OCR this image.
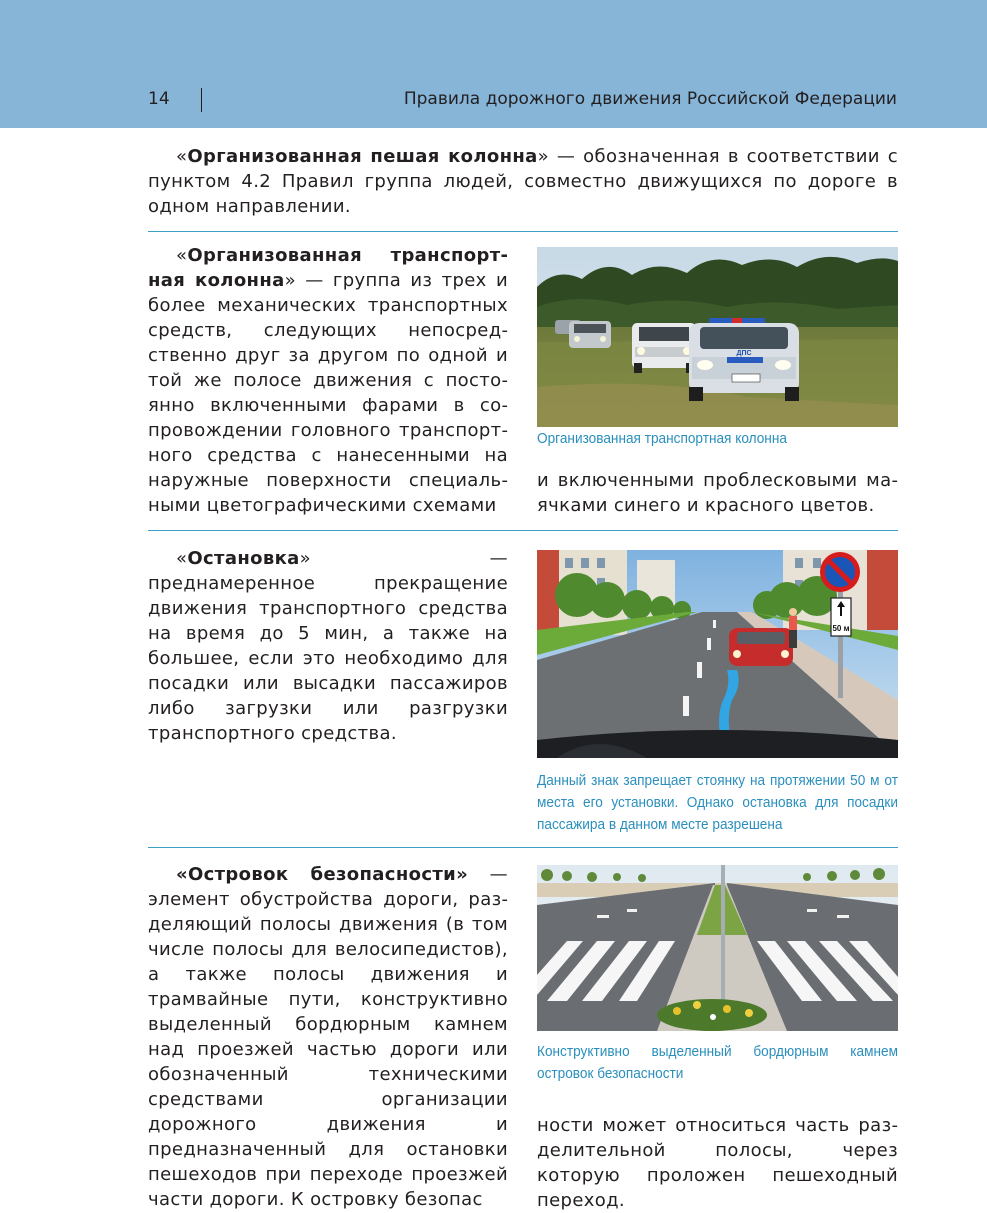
14	Правила дорожного движения Российской Федерации

«Организованная пешая колонна» — обозначенная в соответствии с пунктом 4.2 Правил группа людей, совместно движущихся по дороге в одном направлении.

«Организованная транспортная колонна» — группа из трех и более механических транспортных средств, следующих непосредственно друг за другом по одной и той же полосе движения с постоянно включенными фарами в сопровождении головного транспортного средства с нанесенными на наружные поверхности специальными цветографическими схемами

ДПС
Организованная транспортная колонна

и включенными проблесковыми маячками синего и красного цветов.

«Остановка» — преднамеренное прекращение движения транспортного средства на время до 5 мин, а также на большее, если это необходимо для посадки или высадки пассажиров либо загрузки или разгрузки транспортного средства.

50 м
Данный знак запрещает стоянку на протяжении 50 м от места его установки. Однако остановка для посадки пассажира в данном месте разрешена

«Островок безопасности» — элемент обустройства дороги, разделяющий полосы движения (в том числе полосы для велосипедистов), а также полосы движения и трамвайные пути, конструктивно выделенный бордюрным камнем над проезжей частью дороги или обозначенный техническими средствами организации дорожного движения и предназначенный для остановки пешеходов при переходе проезжей части дороги. К островку безопас

Конструктивно выделенный бордюрным камнем островок безопасности

ности может относиться часть разделительной полосы, через которую проложен пешеходный переход.
